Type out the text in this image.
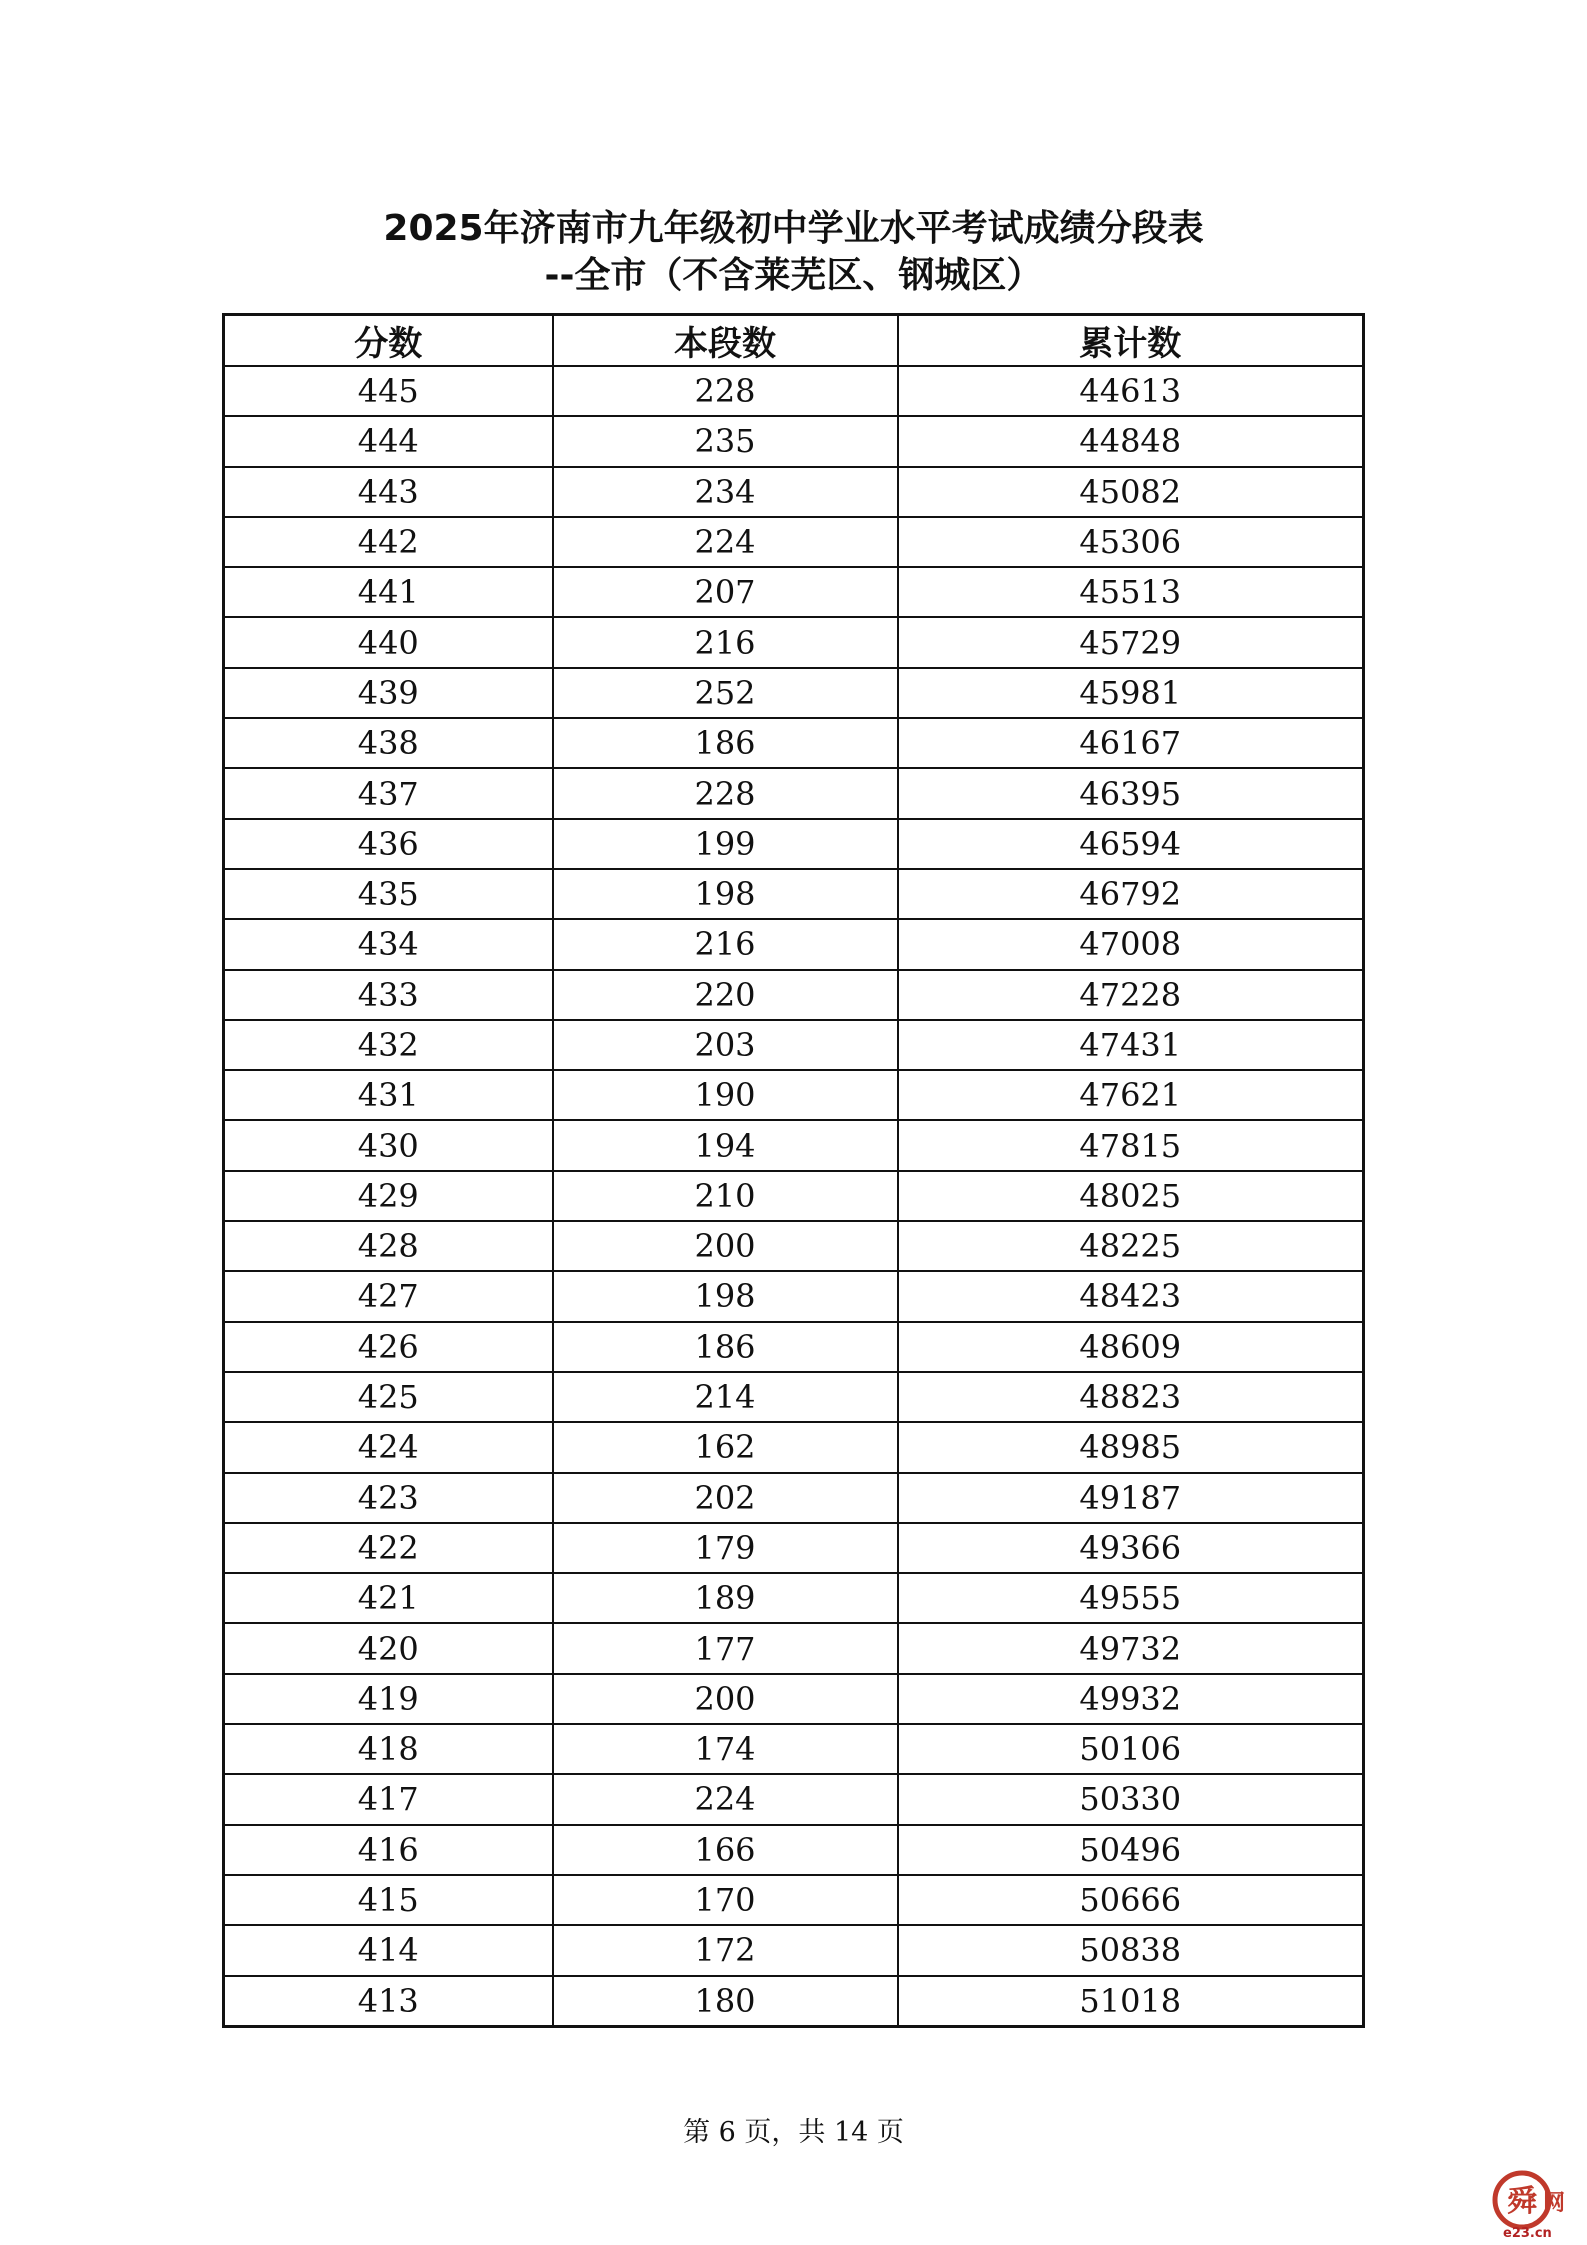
2025年济南市九年级初中学业水平考试成绩分段表
--全市（不含莱芜区、钢城区）
分数	本段数	累计数
445	228	44613
444	235	44848
443	234	45082
442	224	45306
441	207	45513
440	216	45729
439	252	45981
438	186	46167
437	228	46395
436	199	46594
435	198	46792
434	216	47008
433	220	47228
432	203	47431
431	190	47621
430	194	47815
429	210	48025
428	200	48225
427	198	48423
426	186	48609
425	214	48823
424	162	48985
423	202	49187
422	179	49366
421	189	49555
420	177	49732
419	200	49932
418	174	50106
417	224	50330
416	166	50496
415	170	50666
414	172	50838
413	180	51018
第 6 页，共 14 页
舜 网
e23.cn
